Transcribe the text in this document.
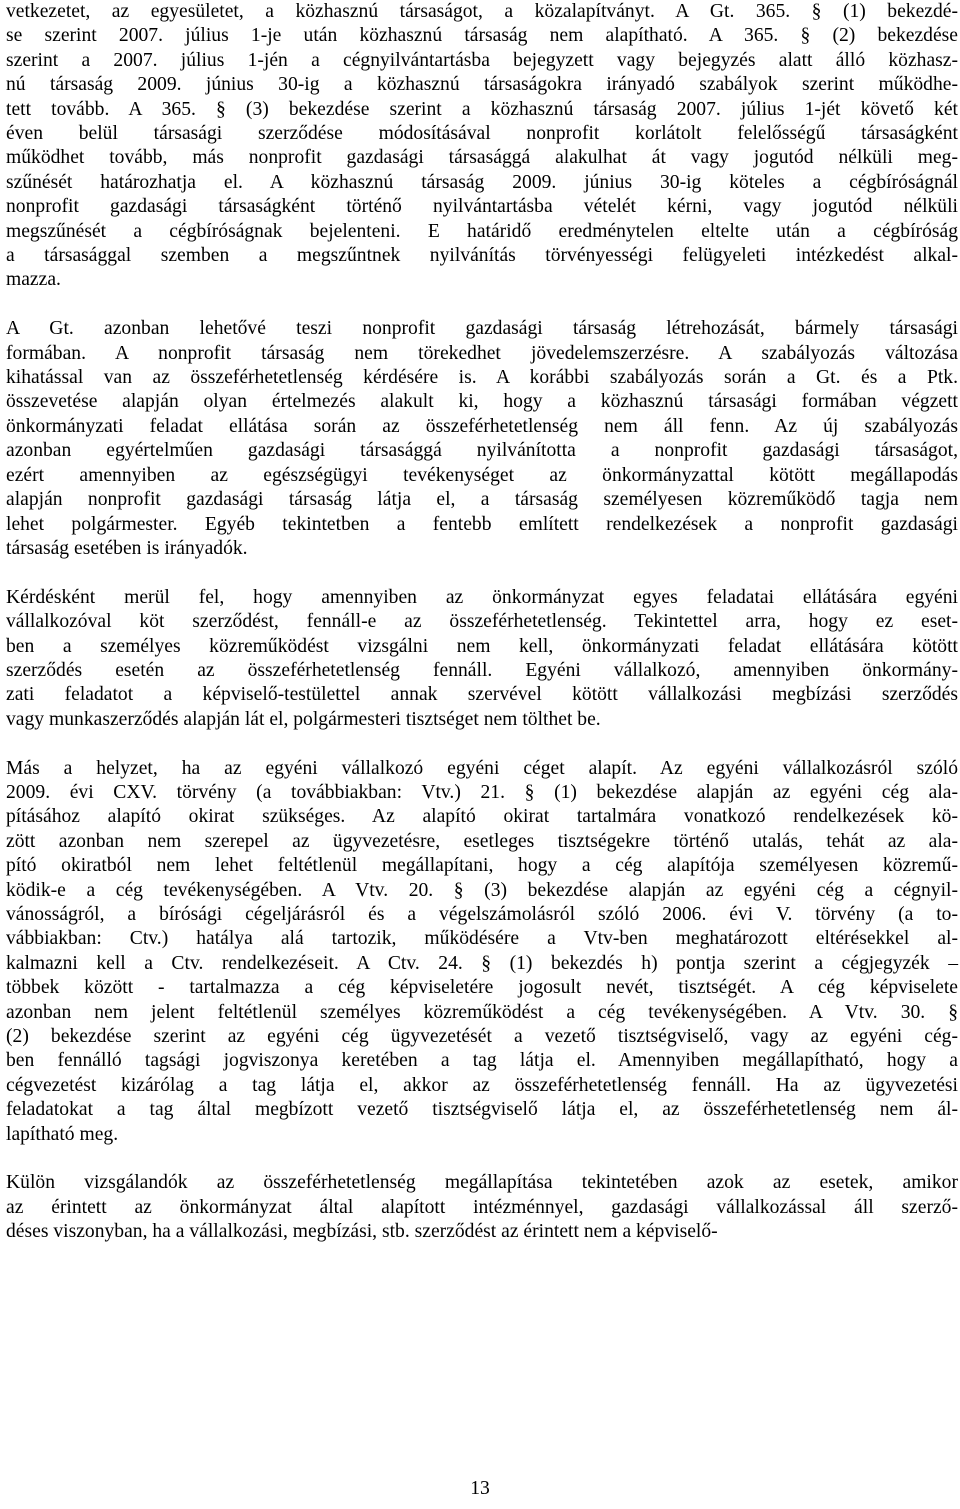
vetkezetet, az egyesületet, a közhasznú társaságot, a közalapítványt. A Gt. 365. § (1) bekezdé-
se szerint 2007. július 1-je után közhasznú társaság nem alapítható. A 365. § (2) bekezdése
szerint a 2007. július 1-jén a cégnyilvántartásba bejegyzett vagy bejegyzés alatt álló közhasz-
nú társaság 2009. június 30-ig a közhasznú társaságokra irányadó szabályok szerint működhe-
tett tovább. A 365. § (3) bekezdése szerint a közhasznú társaság 2007. július 1-jét követő két
éven belül társasági szerződése módosításával nonprofit korlátolt felelősségű társaságként
működhet tovább, más nonprofit gazdasági társasággá alakulhat át vagy jogutód nélküli meg-
szűnését határozhatja el. A közhasznú társaság 2009. június 30-ig köteles a cégbíróságnál
nonprofit gazdasági társaságként történő nyilvántartásba vételét kérni, vagy jogutód nélküli
megszűnését a cégbíróságnak bejelenteni. E határidő eredménytelen eltelte után a cégbíróság
a társasággal szemben a megszűntnek nyilvánítás törvényességi felügyeleti intézkedést alkal-
mazza.
A Gt. azonban lehetővé teszi nonprofit gazdasági társaság létrehozását, bármely társasági
formában. A nonprofit társaság nem törekedhet jövedelemszerzésre. A szabályozás változása
kihatással van az összeférhetetlenség kérdésére is. A korábbi szabályozás során a Gt. és a Ptk.
összevetése alapján olyan értelmezés alakult ki, hogy a közhasznú társasági formában végzett
önkormányzati feladat ellátása során az összeférhetetlenség nem áll fenn. Az új szabályozás
azonban egyértelműen gazdasági társasággá nyilvánította a nonprofit gazdasági társaságot,
ezért amennyiben az egészségügyi tevékenységet az önkormányzattal kötött megállapodás
alapján nonprofit gazdasági társaság látja el, a társaság személyesen közreműködő tagja nem
lehet polgármester. Egyéb tekintetben a fentebb említett rendelkezések a nonprofit gazdasági
társaság esetében is irányadók.
Kérdésként merül fel, hogy amennyiben az önkormányzat egyes feladatai ellátására egyéni
vállalkozóval köt szerződést, fennáll-e az összeférhetetlenség. Tekintettel arra, hogy ez eset-
ben a személyes közreműködést vizsgálni nem kell, önkormányzati feladat ellátására kötött
szerződés esetén az összeférhetetlenség fennáll. Egyéni vállalkozó, amennyiben önkormány-
zati feladatot a képviselő-testülettel annak szervével kötött vállalkozási megbízási szerződés
vagy munkaszerződés alapján lát el, polgármesteri tisztséget nem tölthet be.
Más a helyzet, ha az egyéni vállalkozó egyéni céget alapít. Az egyéni vállalkozásról szóló
2009. évi CXV. törvény (a továbbiakban: Vtv.) 21. § (1) bekezdése alapján az egyéni cég ala-
pításához alapító okirat szükséges. Az alapító okirat tartalmára vonatkozó rendelkezések kö-
zött azonban nem szerepel az ügyvezetésre, esetleges tisztségekre történő utalás, tehát az ala-
pító okiratból nem lehet feltétlenül megállapítani, hogy a cég alapítója személyesen közremű-
ködik-e a cég tevékenységében. A Vtv. 20. § (3) bekezdése alapján az egyéni cég a cégnyil-
vánosságról, a bírósági cégeljárásról és a végelszámolásról szóló 2006. évi V. törvény (a to-
vábbiakban: Ctv.) hatálya alá tartozik, működésére a Vtv-ben meghatározott eltérésekkel al-
kalmazni kell a Ctv. rendelkezéseit. A Ctv. 24. § (1) bekezdés h) pontja szerint a cégjegyzék –
többek között - tartalmazza a cég képviseletére jogosult nevét, tisztségét. A cég képviselete
azonban nem jelent feltétlenül személyes közreműködést a cég tevékenységében. A Vtv. 30. §
(2) bekezdése szerint az egyéni cég ügyvezetését a vezető tisztségviselő, vagy az egyéni cég-
ben fennálló tagsági jogviszonya keretében a tag látja el. Amennyiben megállapítható, hogy a
cégvezetést kizárólag a tag látja el, akkor az összeférhetetlenség fennáll. Ha az ügyvezetési
feladatokat a tag által megbízott vezető tisztségviselő látja el, az összeférhetetlenség nem ál-
lapítható meg.
Külön vizsgálandók az összeférhetetlenség megállapítása tekintetében azok az esetek, amikor
az érintett az önkormányzat által alapított intézménnyel, gazdasági vállalkozással áll szerző-
déses viszonyban, ha a vállalkozási, megbízási, stb. szerződést az érintett nem a képviselő-
13
